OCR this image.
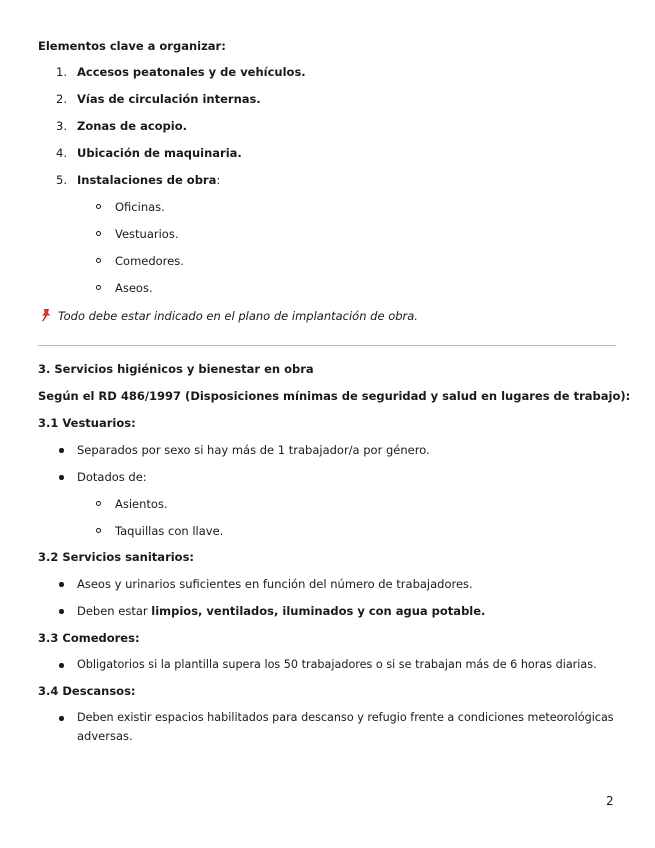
Elementos clave a organizar:
1. Accesos peatonales y de vehículos.
2. Vías de circulación internas.
3. Zonas de acopio.
4. Ubicación de maquinaria.
5. Instalaciones de obra:
Oficinas.
Vestuarios.
Comedores.
Aseos.
Todo debe estar indicado en el plano de implantación de obra.
3. Servicios higiénicos y bienestar en obra
Según el RD 486/1997 (Disposiciones mínimas de seguridad y salud en lugares de trabajo):
3.1 Vestuarios:
Separados por sexo si hay más de 1 trabajador/a por género.
Dotados de:
Asientos.
Taquillas con llave.
3.2 Servicios sanitarios:
Aseos y urinarios suficientes en función del número de trabajadores.
Deben estar limpios, ventilados, iluminados y con agua potable.
3.3 Comedores:
Obligatorios si la plantilla supera los 50 trabajadores o si se trabajan más de 6 horas diarias.
3.4 Descansos:
Deben existir espacios habilitados para descanso y refugio frente a condiciones meteorológicas
adversas.
2
